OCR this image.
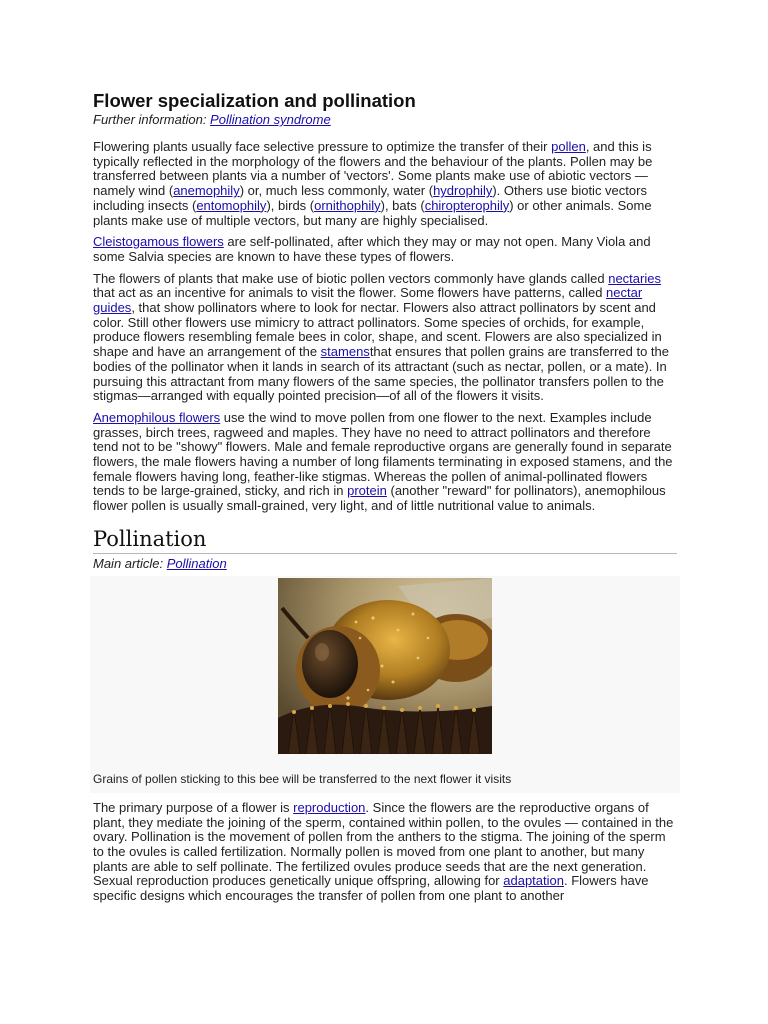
Flower specialization and pollination
Further information: Pollination syndrome

Flowering plants usually face selective pressure to optimize the transfer of their pollen, and this is typically reflected in the morphology of the flowers and the behaviour of the plants. Pollen may be transferred between plants via a number of 'vectors'. Some plants make use of abiotic vectors — namely wind (anemophily) or, much less commonly, water (hydrophily). Others use biotic vectors including insects (entomophily), birds (ornithophily), bats (chiropterophily) or other animals. Some plants make use of multiple vectors, but many are highly specialised.

Cleistogamous flowers are self-pollinated, after which they may or may not open. Many Viola and some Salvia species are known to have these types of flowers.

The flowers of plants that make use of biotic pollen vectors commonly have glands called nectaries that act as an incentive for animals to visit the flower. Some flowers have patterns, called nectar guides, that show pollinators where to look for nectar. Flowers also attract pollinators by scent and color. Still other flowers use mimicry to attract pollinators. Some species of orchids, for example, produce flowers resembling female bees in color, shape, and scent. Flowers are also specialized in shape and have an arrangement of the stamensthat ensures that pollen grains are transferred to the bodies of the pollinator when it lands in search of its attractant (such as nectar, pollen, or a mate). In pursuing this attractant from many flowers of the same species, the pollinator transfers pollen to the stigmas—arranged with equally pointed precision—of all of the flowers it visits.

Anemophilous flowers use the wind to move pollen from one flower to the next. Examples include grasses, birch trees, ragweed and maples. They have no need to attract pollinators and therefore tend not to be "showy" flowers. Male and female reproductive organs are generally found in separate flowers, the male flowers having a number of long filaments terminating in exposed stamens, and the female flowers having long, feather-like stigmas. Whereas the pollen of animal-pollinated flowers tends to be large-grained, sticky, and rich in protein (another "reward" for pollinators), anemophilous flower pollen is usually small-grained, very light, and of little nutritional value to animals.

Pollination
Main article: Pollination
Grains of pollen sticking to this bee will be transferred to the next flower it visits

The primary purpose of a flower is reproduction. Since the flowers are the reproductive organs of plant, they mediate the joining of the sperm, contained within pollen, to the ovules — contained in the ovary. Pollination is the movement of pollen from the anthers to the stigma. The joining of the sperm to the ovules is called fertilization. Normally pollen is moved from one plant to another, but many plants are able to self pollinate. The fertilized ovules produce seeds that are the next generation. Sexual reproduction produces genetically unique offspring, allowing for adaptation. Flowers have specific designs which encourages the transfer of pollen from one plant to another
